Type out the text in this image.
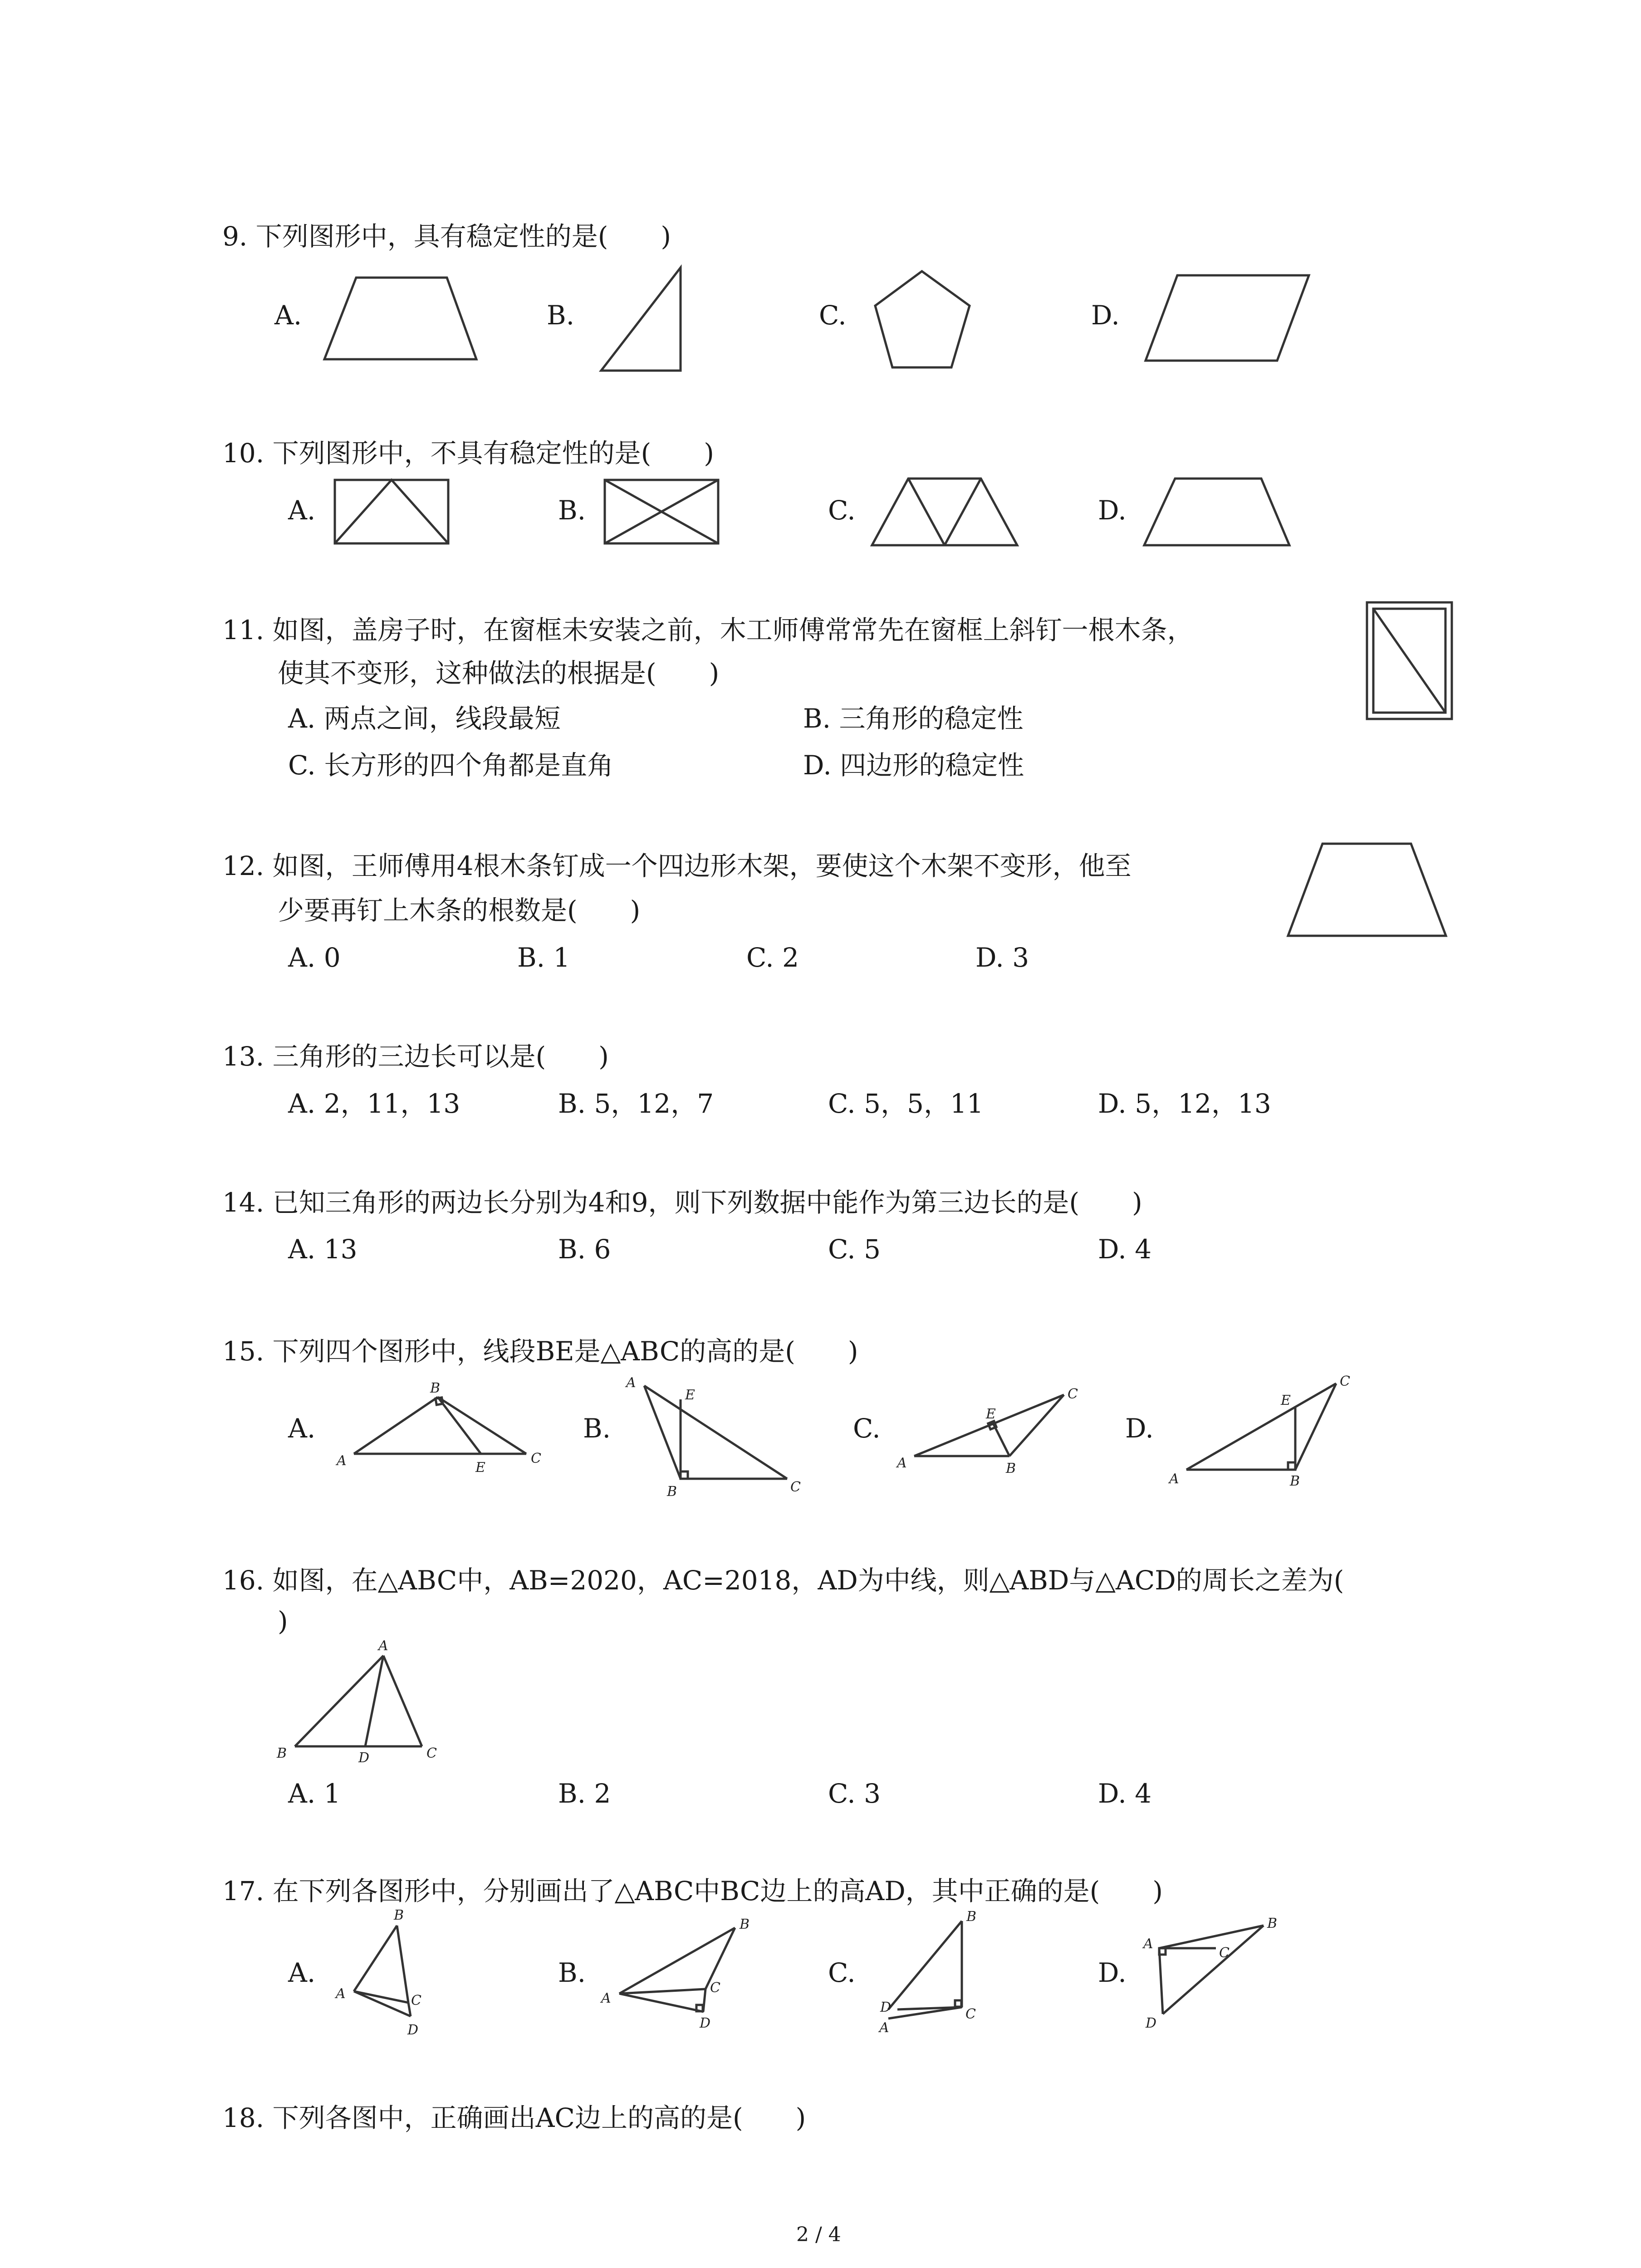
9. 下列图形中，具有稳定性的是(　　)
A.	B.	C.	D.
10. 下列图形中，不具有稳定性的是(　　)
A.	B.	C.	D.
11. 如图，盖房子时，在窗框未安装之前，木工师傅常常先在窗框上斜钉一根木条，
使其不变形，这种做法的根据是(　　)
A. 两点之间，线段最短	B. 三角形的稳定性
C. 长方形的四个角都是直角	D. 四边形的稳定性
12. 如图，王师傅用4根木条钉成一个四边形木架，要使这个木架不变形，他至
少要再钉上木条的根数是(　　)
A. 0	B. 1	C. 2	D. 3
13. 三角形的三边长可以是(　　)
A. 2，11，13	B. 5，12，7	C. 5，5，11	D. 5，12，13
14. 已知三角形的两边长分别为4和9，则下列数据中能作为第三边长的是(　　)
A. 13	B. 6	C. 5	D. 4
15. 下列四个图形中，线段BE是△ABC的高的是(　　)
A.	B.	C.	D.
A
B
E
C
A
E
B	C
A
E
B
C
A
E
B
C
16. 如图，在△ABC中，AB=2020，AC=2018，AD为中线，则△ABD与△ACD的周长之差为(
)
A
B	D	C
A. 1	B. 2	C. 3	D. 4
17. 在下列各图形中，分别画出了△ABC中BC边上的高AD，其中正确的是(　　)
A.	B.	C.	D.
B
A	C
D
B
A
C
D
B
D	C
A
B
A
C
D
18. 下列各图中，正确画出AC边上的高的是(　　)
2 / 4
